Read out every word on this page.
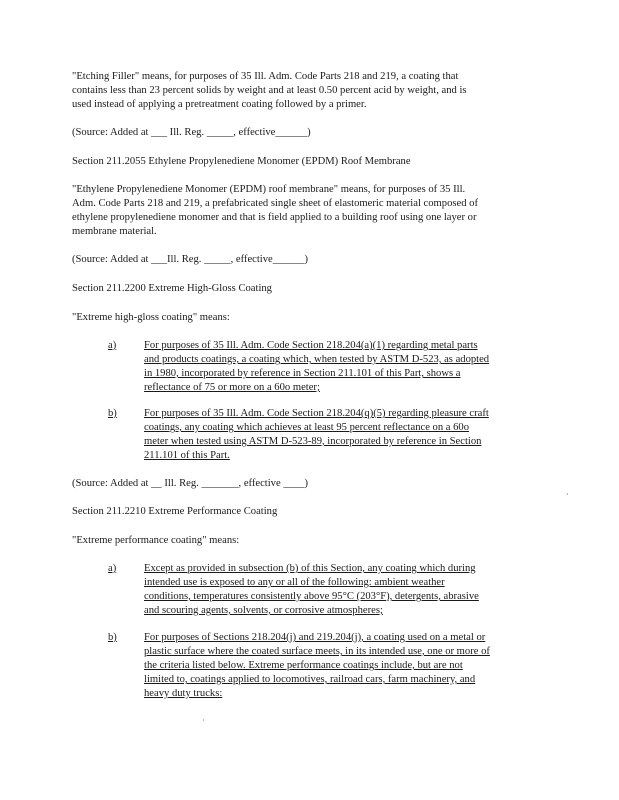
"Etching Filler" means, for purposes of 35 Ill. Adm. Code Parts 218 and 219, a coating that
contains less than 23 percent solids by weight and at least 0.50 percent acid by weight, and is
used instead of applying a pretreatment coating followed by a primer.

(Source: Added at ___ Ill. Reg. _____, effective______)

Section 211.2055 Ethylene Propylenediene Monomer (EPDM) Roof Membrane

"Ethylene Propylenediene Monomer (EPDM) roof membrane" means, for purposes of 35 Ill.
Adm. Code Parts 218 and 219, a prefabricated single sheet of elastomeric material composed of
ethylene propylenediene monomer and that is field applied to a building roof using one layer or
membrane material.

(Source: Added at ___Ill. Reg. _____, effective______)

Section 211.2200 Extreme High-Gloss Coating

"Extreme high-gloss coating" means:

a)	For purposes of 35 Ill. Adm. Code Section 218.204(a)(1) regarding metal parts
and products coatings, a coating which, when tested by ASTM D-523, as adopted
in 1980, incorporated by reference in Section 211.101 of this Part, shows a
reflectance of 75 or more on a 60o meter;

b)	For purposes of 35 Ill. Adm. Code Section 218.204(q)(5) regarding pleasure craft
coatings, any coating which achieves at least 95 percent reflectance on a 60o
meter when tested using ASTM D-523-89, incorporated by reference in Section
211.101 of this Part.

(Source: Added at __ Ill. Reg. _______, effective ____)

·

Section 211.2210 Extreme Performance Coating

"Extreme performance coating" means:

a)	Except as provided in subsection (b) of this Section, any coating which during
intended use is exposed to any or all of the following: ambient weather
conditions, temperatures consistently above 95°C (203°F), detergents, abrasive
and scouring agents, solvents, or corrosive atmospheres;

b)	For purposes of Sections 218.204(j) and 219.204(j), a coating used on a metal or
plastic surface where the coated surface meets, in its intended use, one or more of
the criteria listed below. Extreme performance coatings include, but are not
limited to, coatings applied to locomotives, railroad cars, farm machinery, and
heavy duty trucks:
·
